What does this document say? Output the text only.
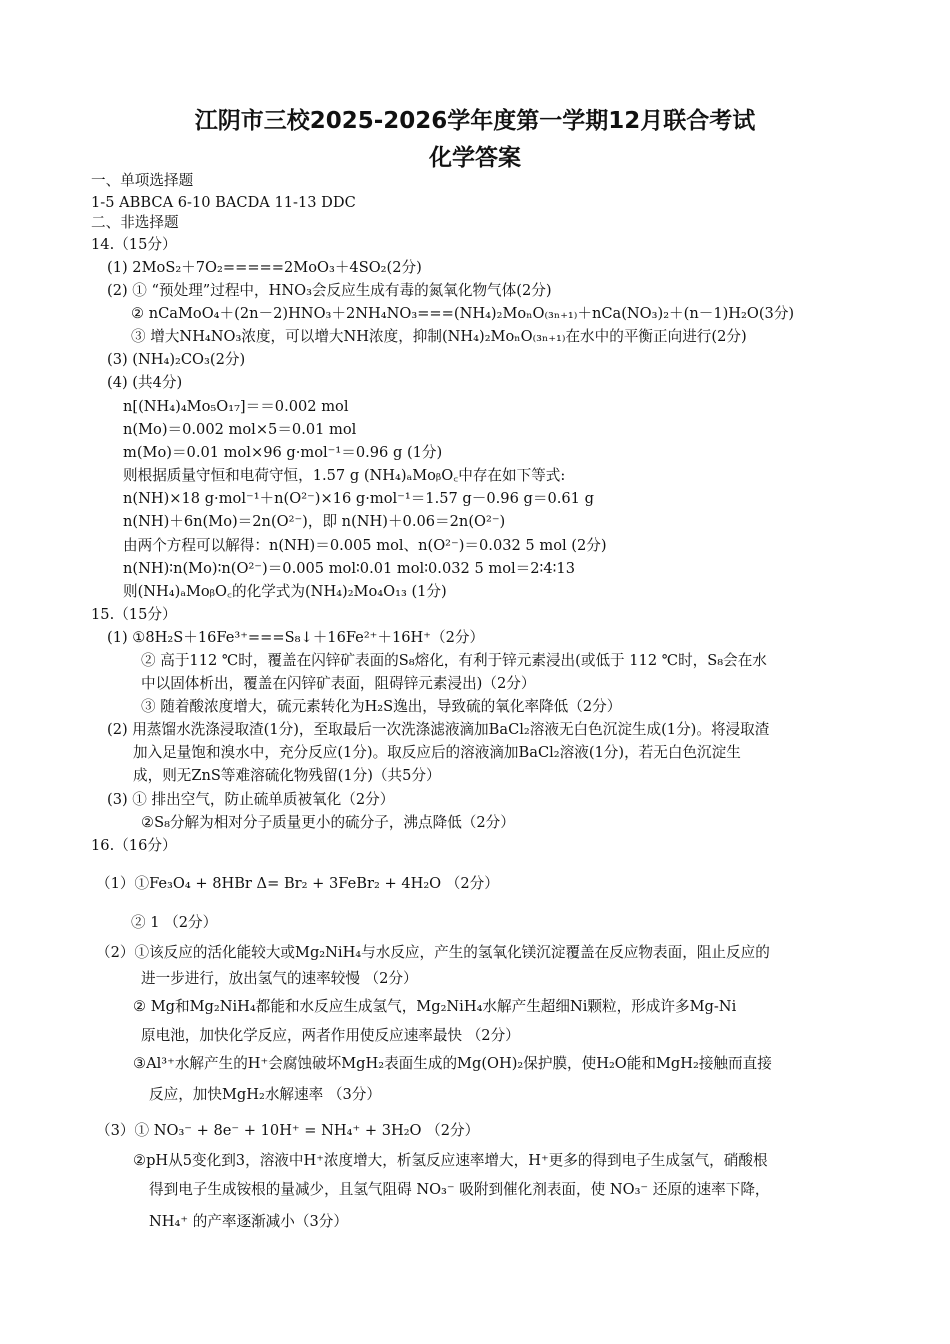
江阴市三校2025-2026学年度第一学期12月联合考试
化学答案
一、单项选择题
1-5 ABBCA 6-10 BACDA 11-13 DDC
二、非选择题
14.（15分）
(1) 2MoS₂＋7O₂=====2MoO₃＋4SO₂(2分)
(2) ① “预处理”过程中，HNO₃会反应生成有毒的氮氧化物气体(2分)
② nCaMoO₄＋(2n－2)HNO₃＋2NH₄NO₃===(NH₄)₂MoₙO₍₃ₙ₊₁₎＋nCa(NO₃)₂＋(n－1)H₂O(3分)
③ 增大NH₄NO₃浓度，可以增大NH浓度，抑制(NH₄)₂MoₙO₍₃ₙ₊₁₎在水中的平衡正向进行(2分)
(3) (NH₄)₂CO₃(2分)
(4) (共4分)
n[(NH₄)₄Mo₅O₁₇]＝＝0.002 mol
n(Mo)＝0.002 mol×5＝0.01 mol
m(Mo)＝0.01 mol×96 g·mol⁻¹＝0.96 g (1分)
则根据质量守恒和电荷守恒，1.57 g (NH₄)ₐMoᵦO꜀中存在如下等式:
n(NH)×18 g·mol⁻¹＋n(O²⁻)×16 g·mol⁻¹＝1.57 g－0.96 g＝0.61 g
n(NH)＋6n(Mo)＝2n(O²⁻)，即 n(NH)＋0.06＝2n(O²⁻)
由两个方程可以解得：n(NH)＝0.005 mol、n(O²⁻)＝0.032 5 mol (2分)
n(NH)∶n(Mo)∶n(O²⁻)＝0.005 mol∶0.01 mol∶0.032 5 mol＝2∶4∶13
则(NH₄)ₐMoᵦO꜀的化学式为(NH₄)₂Mo₄O₁₃ (1分)
15.（15分）
(1) ①8H₂S＋16Fe³⁺===S₈↓＋16Fe²⁺＋16H⁺（2分）
② 高于112 ℃时，覆盖在闪锌矿表面的S₈熔化，有利于锌元素浸出(或低于 112 ℃时，S₈会在水
中以固体析出，覆盖在闪锌矿表面，阻碍锌元素浸出)（2分）
③ 随着酸浓度增大，硫元素转化为H₂S逸出，导致硫的氧化率降低（2分）
(2) 用蒸馏水洗涤浸取渣(1分)，至取最后一次洗涤滤液滴加BaCl₂溶液无白色沉淀生成(1分)。将浸取渣
加入足量饱和溴水中，充分反应(1分)。取反应后的溶液滴加BaCl₂溶液(1分)，若无白色沉淀生
成，则无ZnS等难溶硫化物残留(1分)（共5分）
(3) ① 排出空气，防止硫单质被氧化（2分）
②S₈分解为相对分子质量更小的硫分子，沸点降低（2分）
16.（16分）
（1）①Fe₃O₄ + 8HBr Δ= Br₂ + 3FeBr₂ + 4H₂O （2分）
② 1 （2分）
（2）①该反应的活化能较大或Mg₂NiH₄与水反应，产生的氢氧化镁沉淀覆盖在反应物表面，阻止反应的
进一步进行，放出氢气的速率较慢 （2分）
② Mg和Mg₂NiH₄都能和水反应生成氢气，Mg₂NiH₄水解产生超细Ni颗粒，形成许多Mg-Ni
原电池，加快化学反应，两者作用使反应速率最快 （2分）
③Al³⁺水解产生的H⁺会腐蚀破坏MgH₂表面生成的Mg(OH)₂保护膜，使H₂O能和MgH₂接触而直接
反应，加快MgH₂水解速率 （3分）
（3）① NO₃⁻ + 8e⁻ + 10H⁺ = NH₄⁺ + 3H₂O （2分）
②pH从5变化到3，溶液中H⁺浓度增大，析氢反应速率增大，H⁺更多的得到电子生成氢气，硝酸根
得到电子生成铵根的量减少，且氢气阻碍 NO₃⁻ 吸附到催化剂表面，使 NO₃⁻ 还原的速率下降，
NH₄⁺ 的产率逐渐减小（3分）
